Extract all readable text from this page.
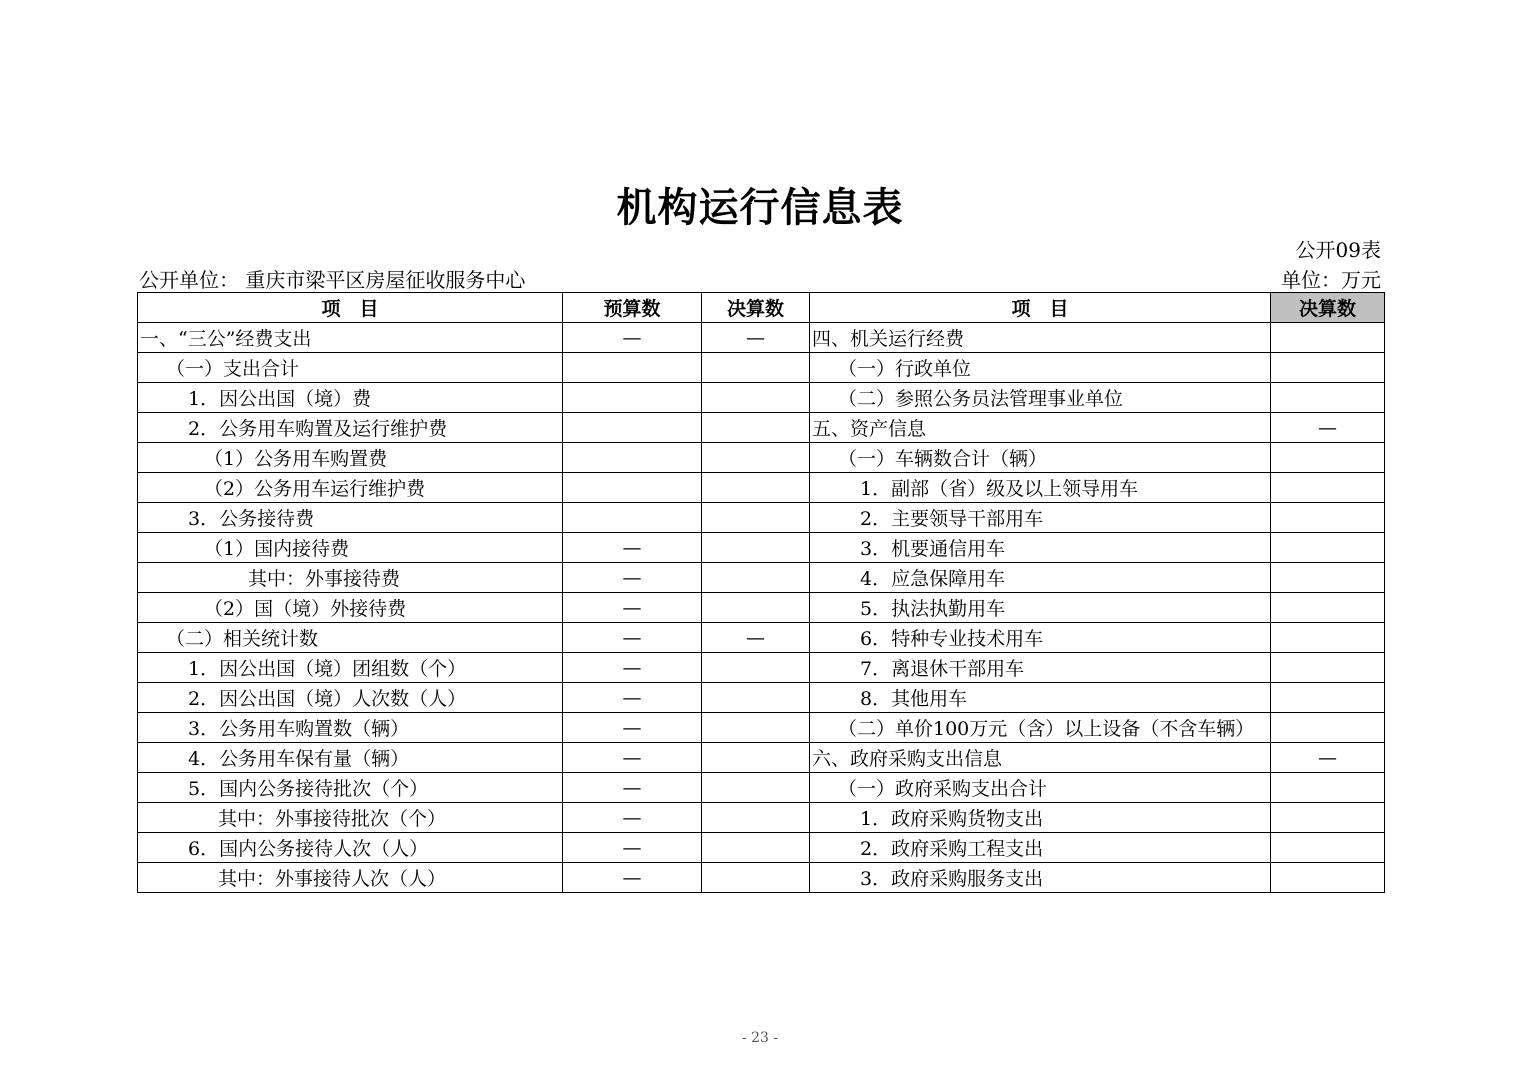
机构运行信息表
公开09表
公开单位： 重庆市梁平区房屋征收服务中心	单位：万元
项　目	预算数	决算数	项　目	决算数
一、“三公”经费支出	—	—	四、机关运行经费	
（一）支出合计			（一）行政单位	
1．因公出国（境）费			（二）参照公务员法管理事业单位	
2．公务用车购置及运行维护费			五、资产信息	—
（1）公务用车购置费			（一）车辆数合计（辆）	
（2）公务用车运行维护费			1．副部（省）级及以上领导用车	
3．公务接待费			2．主要领导干部用车	
（1）国内接待费	—		3．机要通信用车	
其中：外事接待费	—		4．应急保障用车	
（2）国（境）外接待费	—		5．执法执勤用车	
（二）相关统计数	—	—	6．特种专业技术用车	
1．因公出国（境）团组数（个）	—		7．离退休干部用车	
2．因公出国（境）人次数（人）	—		8．其他用车	
3．公务用车购置数（辆）	—		（二）单价100万元（含）以上设备（不含车辆）	
4．公务用车保有量（辆）	—		六、政府采购支出信息	—
5．国内公务接待批次（个）	—		（一）政府采购支出合计	
其中：外事接待批次（个）	—		1．政府采购货物支出	
6．国内公务接待人次（人）	—		2．政府采购工程支出	
其中：外事接待人次（人）	—		3．政府采购服务支出	
- 23 -
